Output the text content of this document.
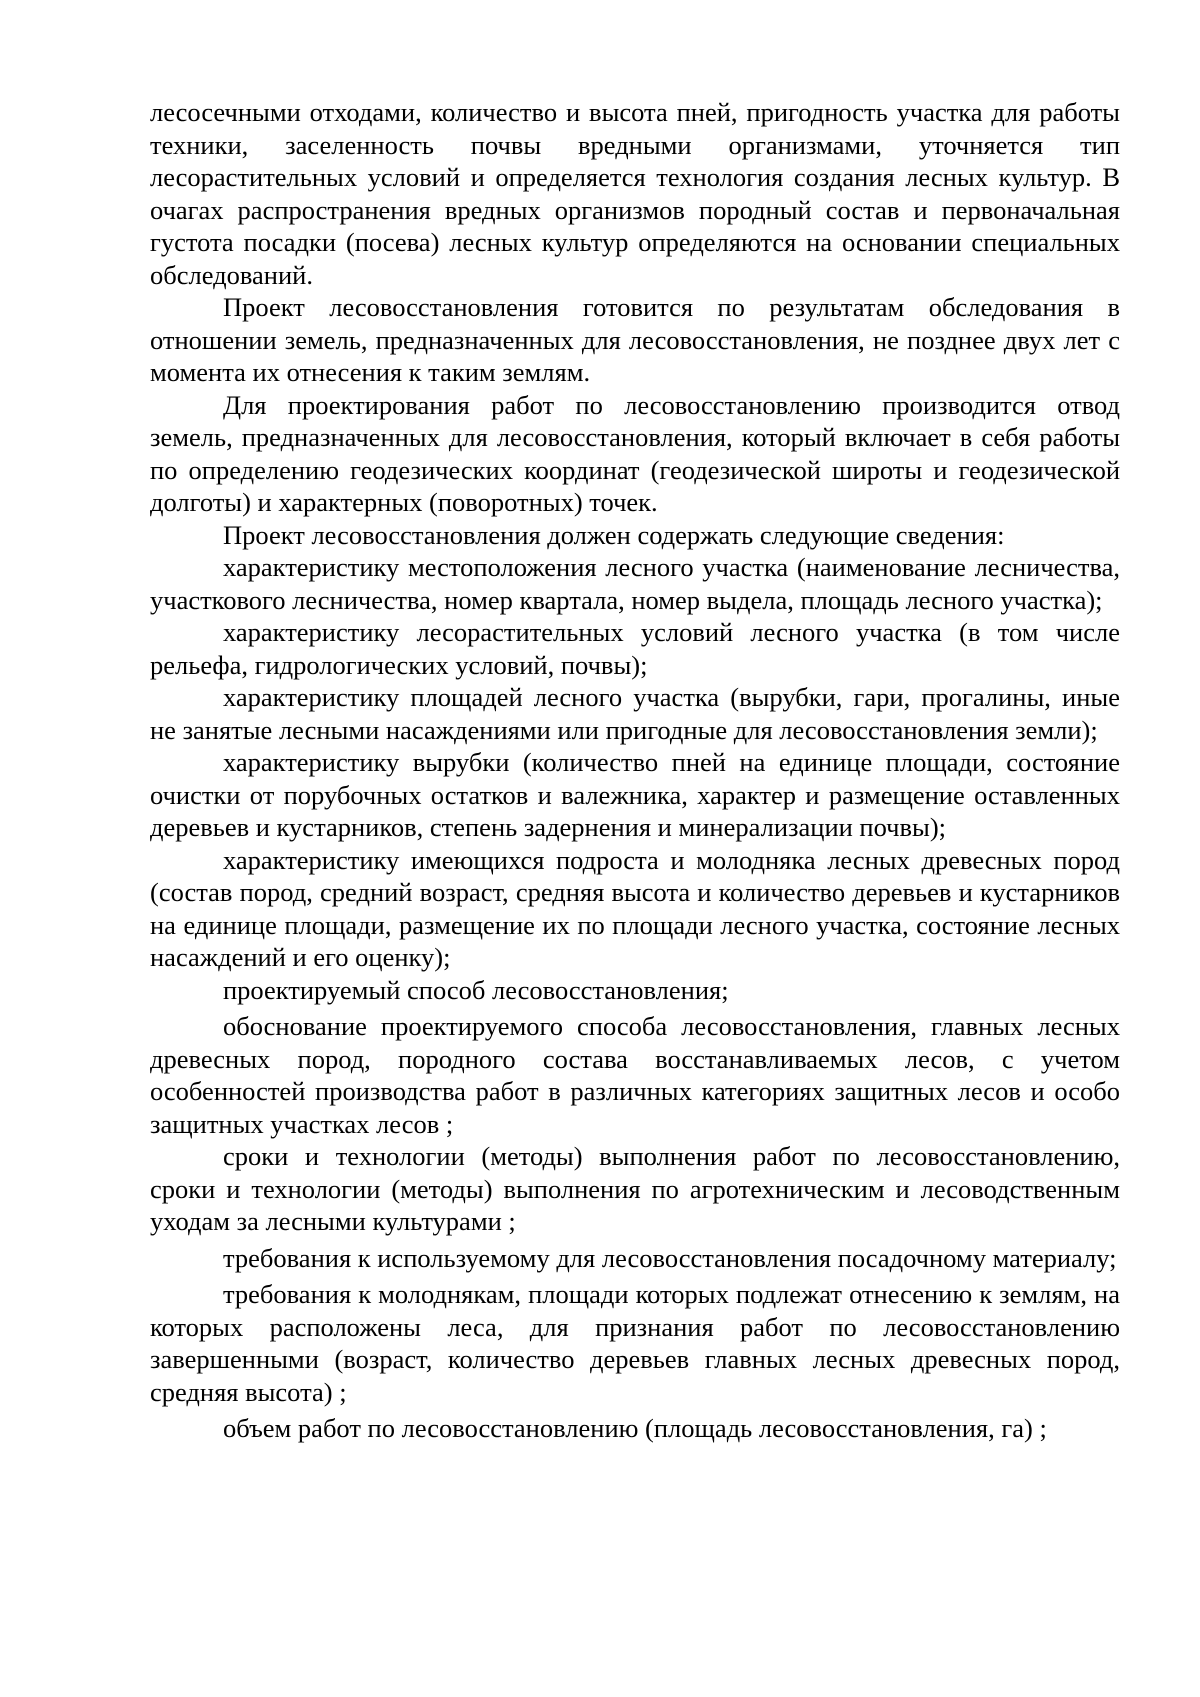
лесосечными отходами, количество и высота пней, пригодность участка для работы техники, заселенность почвы вредными организмами, уточняется тип лесорастительных условий и определяется технология создания лесных культур. В очагах распространения вредных организмов породный состав и первоначальная густота посадки (посева) лесных культур определяются на основании специальных обследований.

Проект лесовосстановления готовится по результатам обследования в отношении земель, предназначенных для лесовосстановления, не позднее двух лет с момента их отнесения к таким землям.

Для проектирования работ по лесовосстановлению производится отвод земель, предназначенных для лесовосстановления, который включает в себя работы по определению геодезических координат (геодезической широты и геодезической долготы) и характерных (поворотных) точек.

Проект лесовосстановления должен содержать следующие сведения:

характеристику местоположения лесного участка (наименование лесничества, участкового лесничества, номер квартала, номер выдела, площадь лесного участка);

характеристику лесорастительных условий лесного участка (в том числе рельефа, гидрологических условий, почвы);

характеристику площадей лесного участка (вырубки, гари, прогалины, иные не занятые лесными насаждениями или пригодные для лесовосстановления земли);

характеристику вырубки (количество пней на единице площади, состояние очистки от порубочных остатков и валежника, характер и размещение оставленных деревьев и кустарников, степень задернения и минерализации почвы);

характеристику имеющихся подроста и молодняка лесных древесных пород (состав пород, средний возраст, средняя высота и количество деревьев и кустарников на единице площади, размещение их по площади лесного участка, состояние лесных насаждений и его оценку);

проектируемый способ лесовосстановления;

обоснование проектируемого способа лесовосстановления, главных лесных древесных пород, породного состава восстанавливаемых лесов, с учетом особенностей производства работ в различных категориях защитных лесов и особо защитных участках лесов ;

сроки и технологии (методы) выполнения работ по лесовосстановлению, сроки и технологии (методы) выполнения по агротехническим и лесоводственным уходам за лесными культурами ;

требования к используемому для лесовосстановления посадочному материалу;

требования к молоднякам, площади которых подлежат отнесению к землям, на которых расположены леса, для признания работ по лесовосстановлению завершенными (возраст, количество деревьев главных лесных древесных пород, средняя высота) ;

объем работ по лесовосстановлению (площадь лесовосстановления, га) ;
